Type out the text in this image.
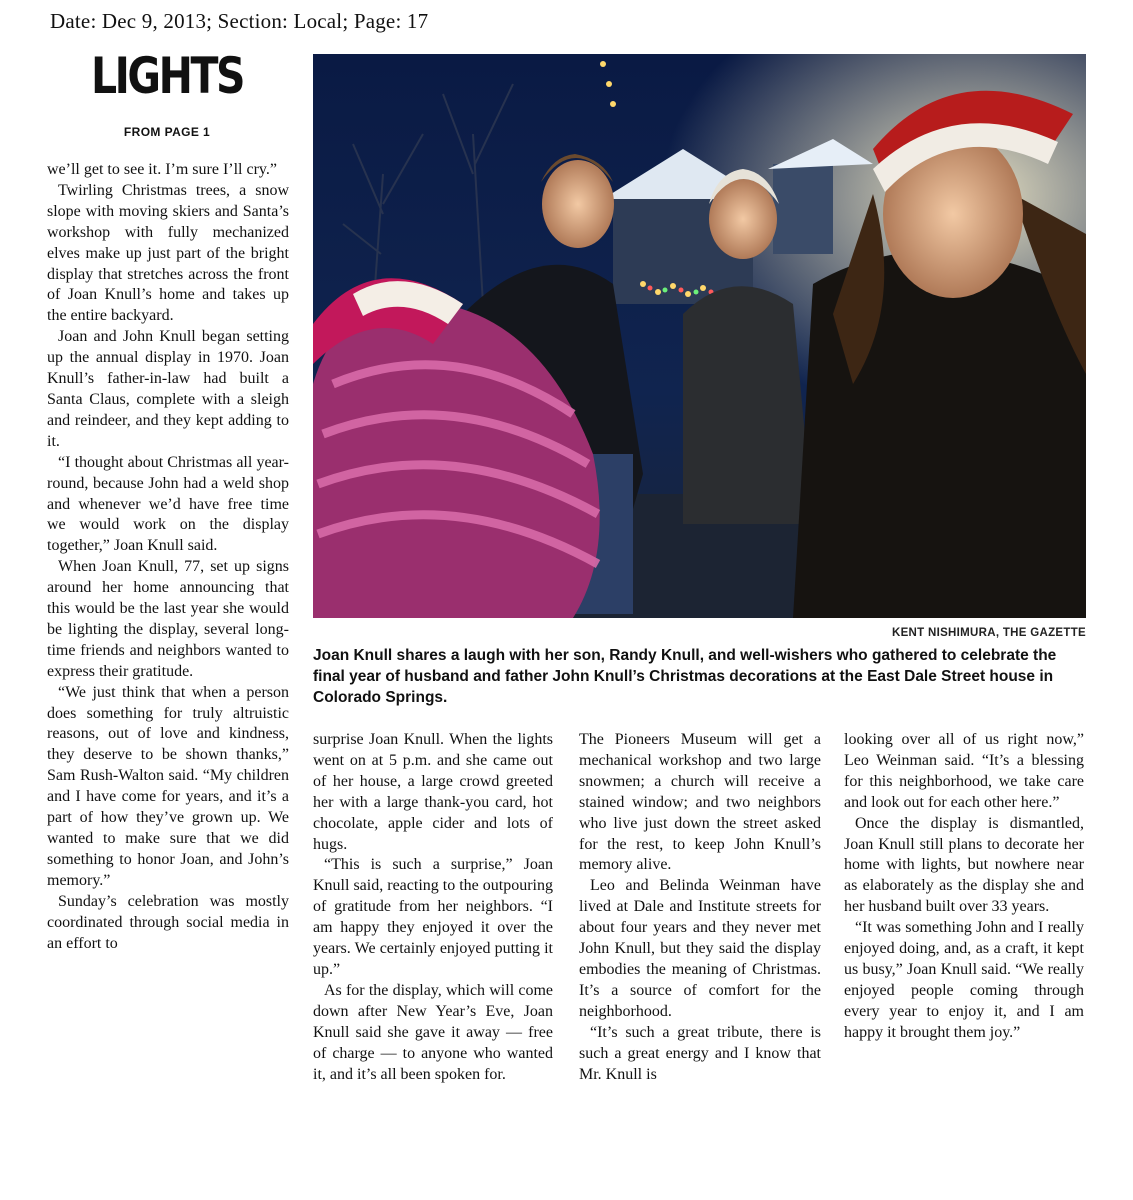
Date: Dec 9, 2013; Section: Local; Page: 17
LIGHTS
FROM PAGE 1

we’ll get to see it. I’m sure I’ll cry.”

Twirling Christmas trees, a snow slope with moving skiers and Santa’s workshop with fully mechanized elves make up just part of the bright display that stretches across the front of Joan Knull’s home and takes up the entire backyard.

Joan and John Knull began setting up the annual display in 1970. Joan Knull’s father-in-law had built a Santa Claus, complete with a sleigh and reindeer, and they kept adding to it.

“I thought about Christmas all year-round, because John had a weld shop and whenever we’d have free time we would work on the display together,” Joan Knull said.

When Joan Knull, 77, set up signs around her home announcing that this would be the last year she would be lighting the display, several long-time friends and neighbors wanted to express their gratitude.

“We just think that when a person does something for truly altruistic reasons, out of love and kindness, they deserve to be shown thanks,” Sam Rush-Walton said. “My children and I have come for years, and it’s a part of how they’ve grown up. We wanted to make sure that we did something to honor Joan, and John’s memory.”

Sunday’s celebration was mostly coordinated through social media in an effort to

KENT NISHIMURA, THE GAZETTE
Joan Knull shares a laugh with her son, Randy Knull, and well-wishers who gathered to celebrate the final year of husband and father John Knull’s Christmas decorations at the East Dale Street house in Colorado Springs.

surprise Joan Knull. When the lights went on at 5 p.m. and she came out of her house, a large crowd greeted her with a large thank-you card, hot chocolate, apple cider and lots of hugs.

“This is such a surprise,” Joan Knull said, reacting to the outpouring of gratitude from her neighbors. “I am happy they enjoyed it over the years. We certainly enjoyed putting it up.”

As for the display, which will come down after New Year’s Eve, Joan Knull said she gave it away — free of charge — to anyone who wanted it, and it’s all been spoken for.

The Pioneers Museum will get a mechanical workshop and two large snowmen; a church will receive a stained window; and two neighbors who live just down the street asked for the rest, to keep John Knull’s memory alive.

Leo and Belinda Weinman have lived at Dale and Institute streets for about four years and they never met John Knull, but they said the display embodies the meaning of Christmas. It’s a source of comfort for the neighborhood.

“It’s such a great tribute, there is such a great energy and I know that Mr. Knull is

looking over all of us right now,” Leo Weinman said. “It’s a blessing for this neighborhood, we take care and look out for each other here.”

Once the display is dismantled, Joan Knull still plans to decorate her home with lights, but nowhere near as elaborately as the display she and her husband built over 33 years.

“It was something John and I really enjoyed doing, and, as a craft, it kept us busy,” Joan Knull said. “We really enjoyed people coming through every year to enjoy it, and I am happy it brought them joy.”
